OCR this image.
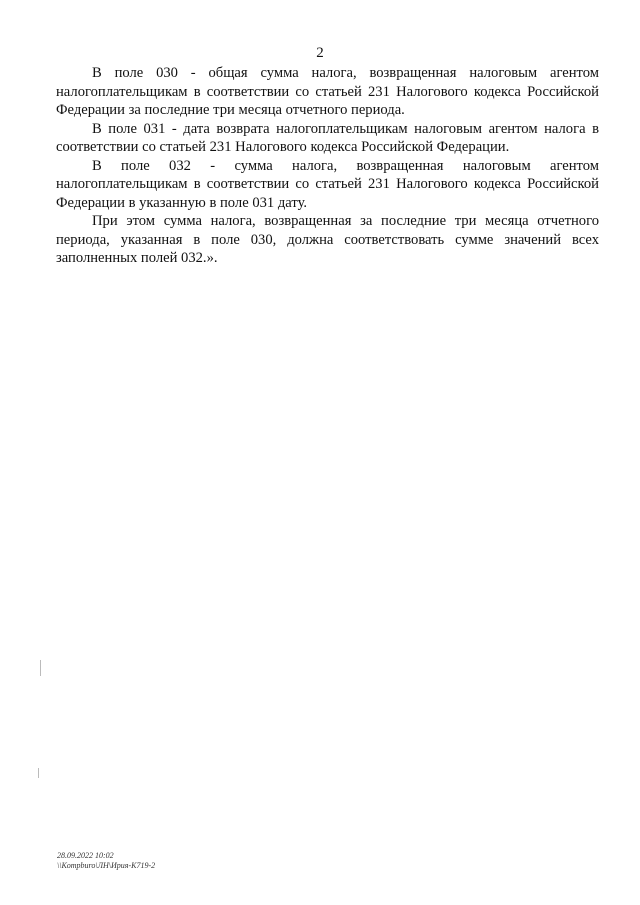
2

В поле 030 - общая сумма налога, возвращенная налоговым агентом налогоплательщикам в соответствии со статьей 231 Налогового кодекса Российской Федерации за последние три месяца отчетного периода.

В поле 031 - дата возврата налогоплательщикам налоговым агентом налога в соответствии со статьей 231 Налогового кодекса Российской Федерации.

В поле 032 - сумма налога, возвращенная налоговым агентом налогоплательщикам в соответствии со статьей 231 Налогового кодекса Российской Федерации в указанную в поле 031 дату.

При этом сумма налога, возвращенная за последние три месяца отчетного периода, указанная в поле 030, должна соответствовать сумме значений всех заполненных полей 032.».

28.09.2022 10:02
\\Kompburo\ЛН\Ирия-К719-2
